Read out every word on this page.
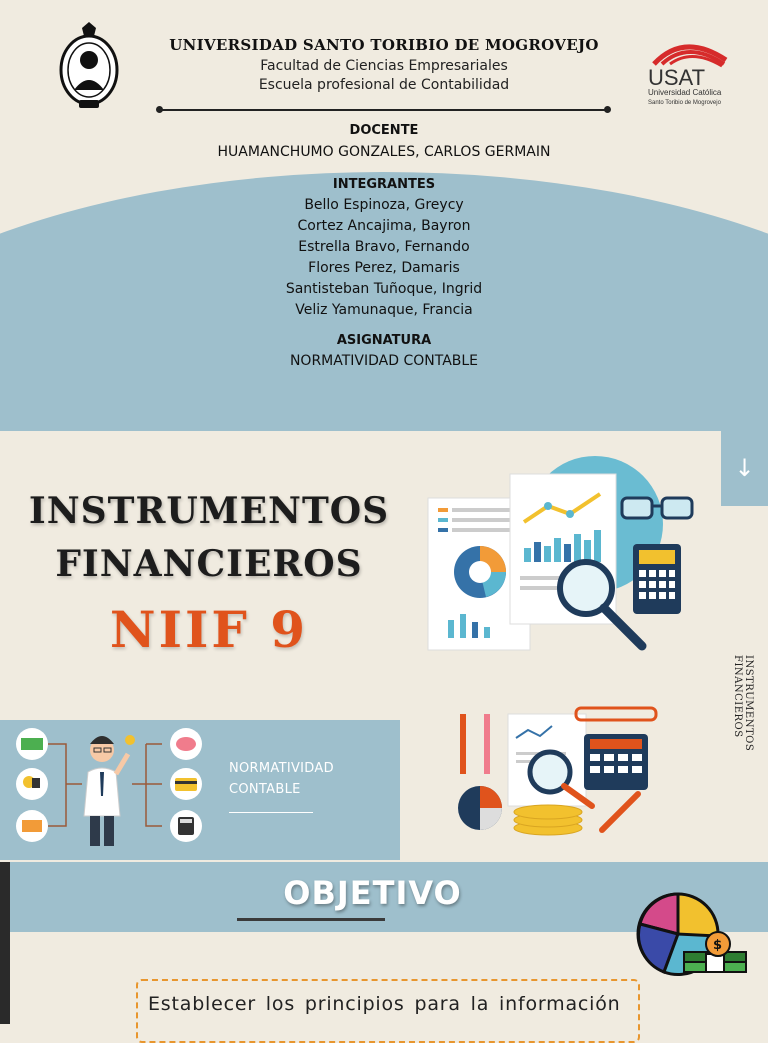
UNIVERSIDAD SANTO TORIBIO DE MOGROVEJO
Facultad de Ciencias Empresariales
Escuela profesional de Contabilidad	USAT
Universidad Católica
Santo Toribio de Mogrovejo
DOCENTE
HUAMANCHUMO GONZALES, CARLOS GERMAIN
INTEGRANTES
Bello Espinoza, Greycy
Cortez Ancajima, Bayron
Estrella Bravo, Fernando
Flores Perez, Damaris
Santisteban Tuñoque, Ingrid
Veliz Yamunaque, Francia
ASIGNATURA
NORMATIVIDAD CONTABLE
↓
INSTRUMENTOS
FINANCIEROS
NIIF 9
INSTRUMENTOS FINANCIEROS
NORMATIVIDAD
CONTABLE
OBJETIVO
$
Establecer los principios para la información
